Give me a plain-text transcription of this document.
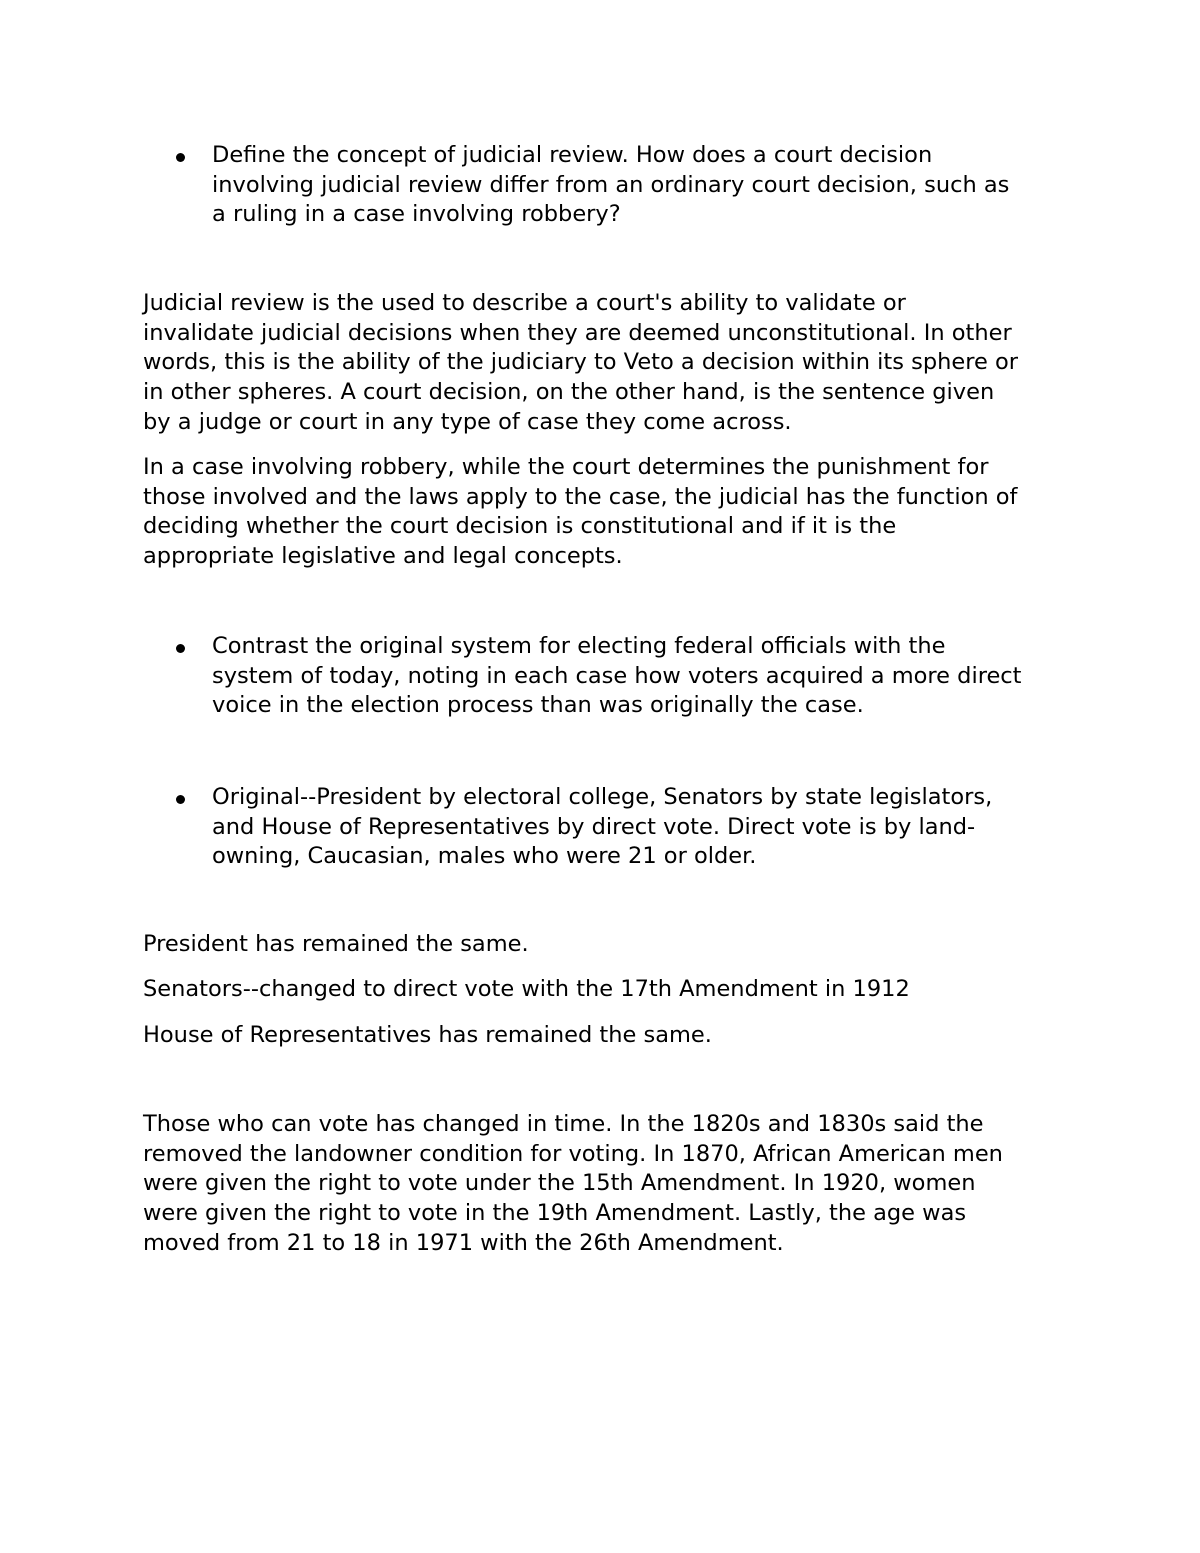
Define the concept of judicial review. How does a court decision
involving judicial review differ from an ordinary court decision, such as
a ruling in a case involving robbery?

Judicial review is the used to describe a court's ability to validate or
invalidate judicial decisions when they are deemed unconstitutional. In other
words, this is the ability of the judiciary to Veto a decision within its sphere or
in other spheres. A court decision, on the other hand, is the sentence given
by a judge or court in any type of case they come across.

In a case involving robbery, while the court determines the punishment for
those involved and the laws apply to the case, the judicial has the function of
deciding whether the court decision is constitutional and if it is the
appropriate legislative and legal concepts.

Contrast the original system for electing federal officials with the
system of today, noting in each case how voters acquired a more direct
voice in the election process than was originally the case.

Original--President by electoral college, Senators by state legislators,
and House of Representatives by direct vote. Direct vote is by land-
owning, Caucasian, males who were 21 or older.

President has remained the same.

Senators--changed to direct vote with the 17th Amendment in 1912

House of Representatives has remained the same.

Those who can vote has changed in time. In the 1820s and 1830s said the
removed the landowner condition for voting. In 1870, African American men
were given the right to vote under the 15th Amendment. In 1920, women
were given the right to vote in the 19th Amendment. Lastly, the age was
moved from 21 to 18 in 1971 with the 26th Amendment.
